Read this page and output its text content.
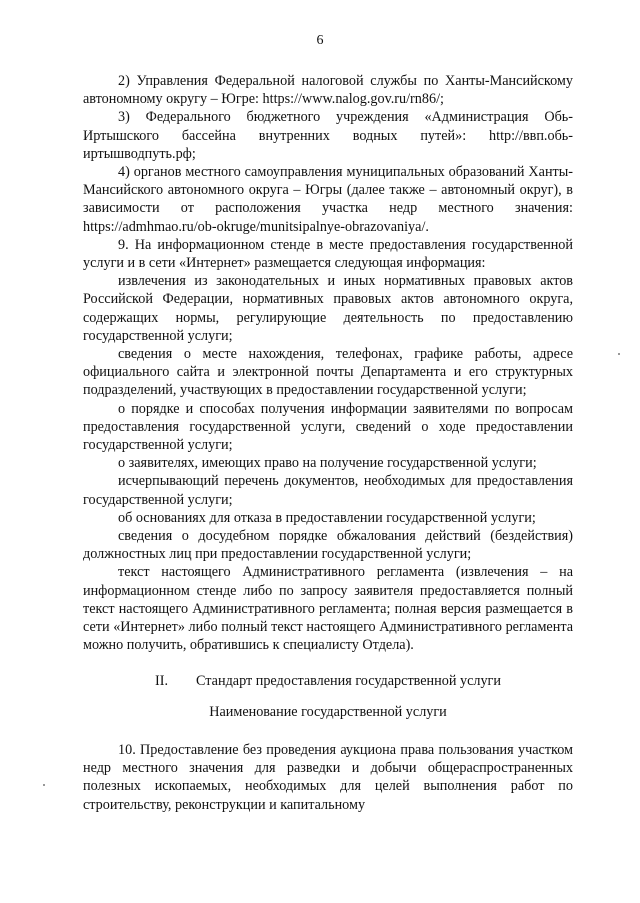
6

2) Управления Федеральной налоговой службы по Ханты-Мансийскому автономному округу – Югре: https://www.nalog.gov.ru/rn86/;

3) Федерального бюджетного учреждения «Администрация Обь-Иртышского бассейна внутренних водных путей»: http://ввп.обь-иртышводпуть.рф;

4) органов местного самоуправления муниципальных образований Ханты-Мансийского автономного округа – Югры (далее также – автономный округ), в зависимости от расположения участка недр местного значения: https://admhmao.ru/ob-okruge/munitsipalnye-obrazovaniya/.

9. На информационном стенде в месте предоставления государственной услуги и в сети «Интернет» размещается следующая информация:

извлечения из законодательных и иных нормативных правовых актов Российской Федерации, нормативных правовых актов автономного округа, содержащих нормы, регулирующие деятельность по предоставлению государственной услуги;

сведения о месте нахождения, телефонах, графике работы, адресе официального сайта и электронной почты Департамента и его структурных подразделений, участвующих в предоставлении государственной услуги;

о порядке и способах получения информации заявителями по вопросам предоставления государственной услуги, сведений о ходе предоставлении государственной услуги;

о заявителях, имеющих право на получение государственной услуги;

исчерпывающий перечень документов, необходимых для предоставления государственной услуги;

об основаниях для отказа в предоставлении государственной услуги;

сведения о досудебном порядке обжалования действий (бездействия) должностных лиц при предоставлении государственной услуги;

текст настоящего Административного регламента (извлечения – на информационном стенде либо по запросу заявителя предоставляется полный текст настоящего Административного регламента; полная версия размещается в сети «Интернет» либо полный текст настоящего Административного регламента можно получить, обратившись к специалисту Отдела).

II. Стандарт предоставления государственной услуги

Наименование государственной услуги

10. Предоставление без проведения аукциона права пользования участком недр местного значения для разведки и добычи общераспространенных полезных ископаемых, необходимых для целей выполнения работ по строительству, реконструкции и капитальному
